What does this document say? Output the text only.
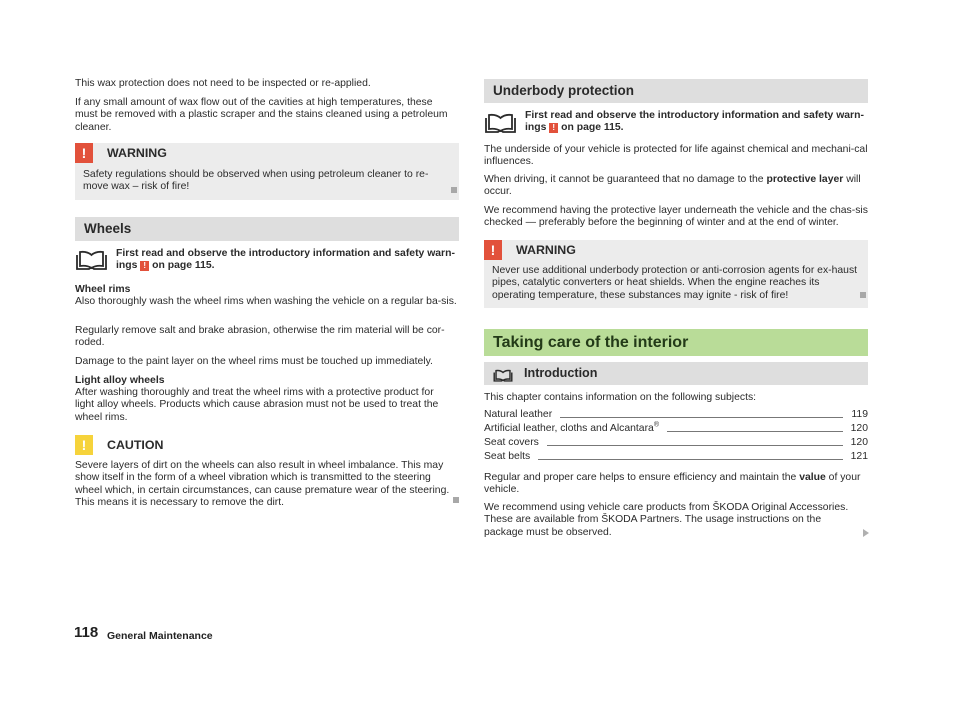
This wax protection does not need to be inspected or re-applied.

If any small amount of wax flow out of the cavities at high temperatures, these must be removed with a plastic scraper and the stains cleaned using a petroleum cleaner.

!	WARNING

Safety regulations should be observed when using petroleum cleaner to re-move wax – risk of fire!

Wheels
First read and observe the introductory information and safety warn-ings ! on page 115.

Wheel rims

Also thoroughly wash the wheel rims when washing the vehicle on a regular ba-sis.

Regularly remove salt and brake abrasion, otherwise the rim material will be cor-roded.

Damage to the paint layer on the wheel rims must be touched up immediately.

Light alloy wheels

After washing thoroughly and treat the wheel rims with a protective product for light alloy wheels. Products which cause abrasion must not be used to treat the wheel rims.

!	CAUTION

Severe layers of dirt on the wheels can also result in wheel imbalance. This may show itself in the form of a wheel vibration which is transmitted to the steering wheel which, in certain circumstances, can cause premature wear of the steering. This means it is necessary to remove the dirt.

Underbody protection
First read and observe the introductory information and safety warn-ings ! on page 115.

The underside of your vehicle is protected for life against chemical and mechani-cal influences.

When driving, it cannot be guaranteed that no damage to the protective layer will occur.

We recommend having the protective layer underneath the vehicle and the chas-sis checked — preferably before the beginning of winter and at the end of winter.

!	WARNING

Never use additional underbody protection or anti-corrosion agents for ex-haust pipes, catalytic converters or heat shields. When the engine reaches its operating temperature, these substances may ignite - risk of fire!

Taking care of the interior
Introduction

This chapter contains information on the following subjects:

Natural leather	119
Artificial leather, cloths and Alcantara®	120
Seat covers	120
Seat belts	121

Regular and proper care helps to ensure efficiency and maintain the value of your vehicle.

We recommend using vehicle care products from ŠKODA Original Accessories. These are available from ŠKODA Partners. The usage instructions on the package must be observed.

118 General Maintenance
